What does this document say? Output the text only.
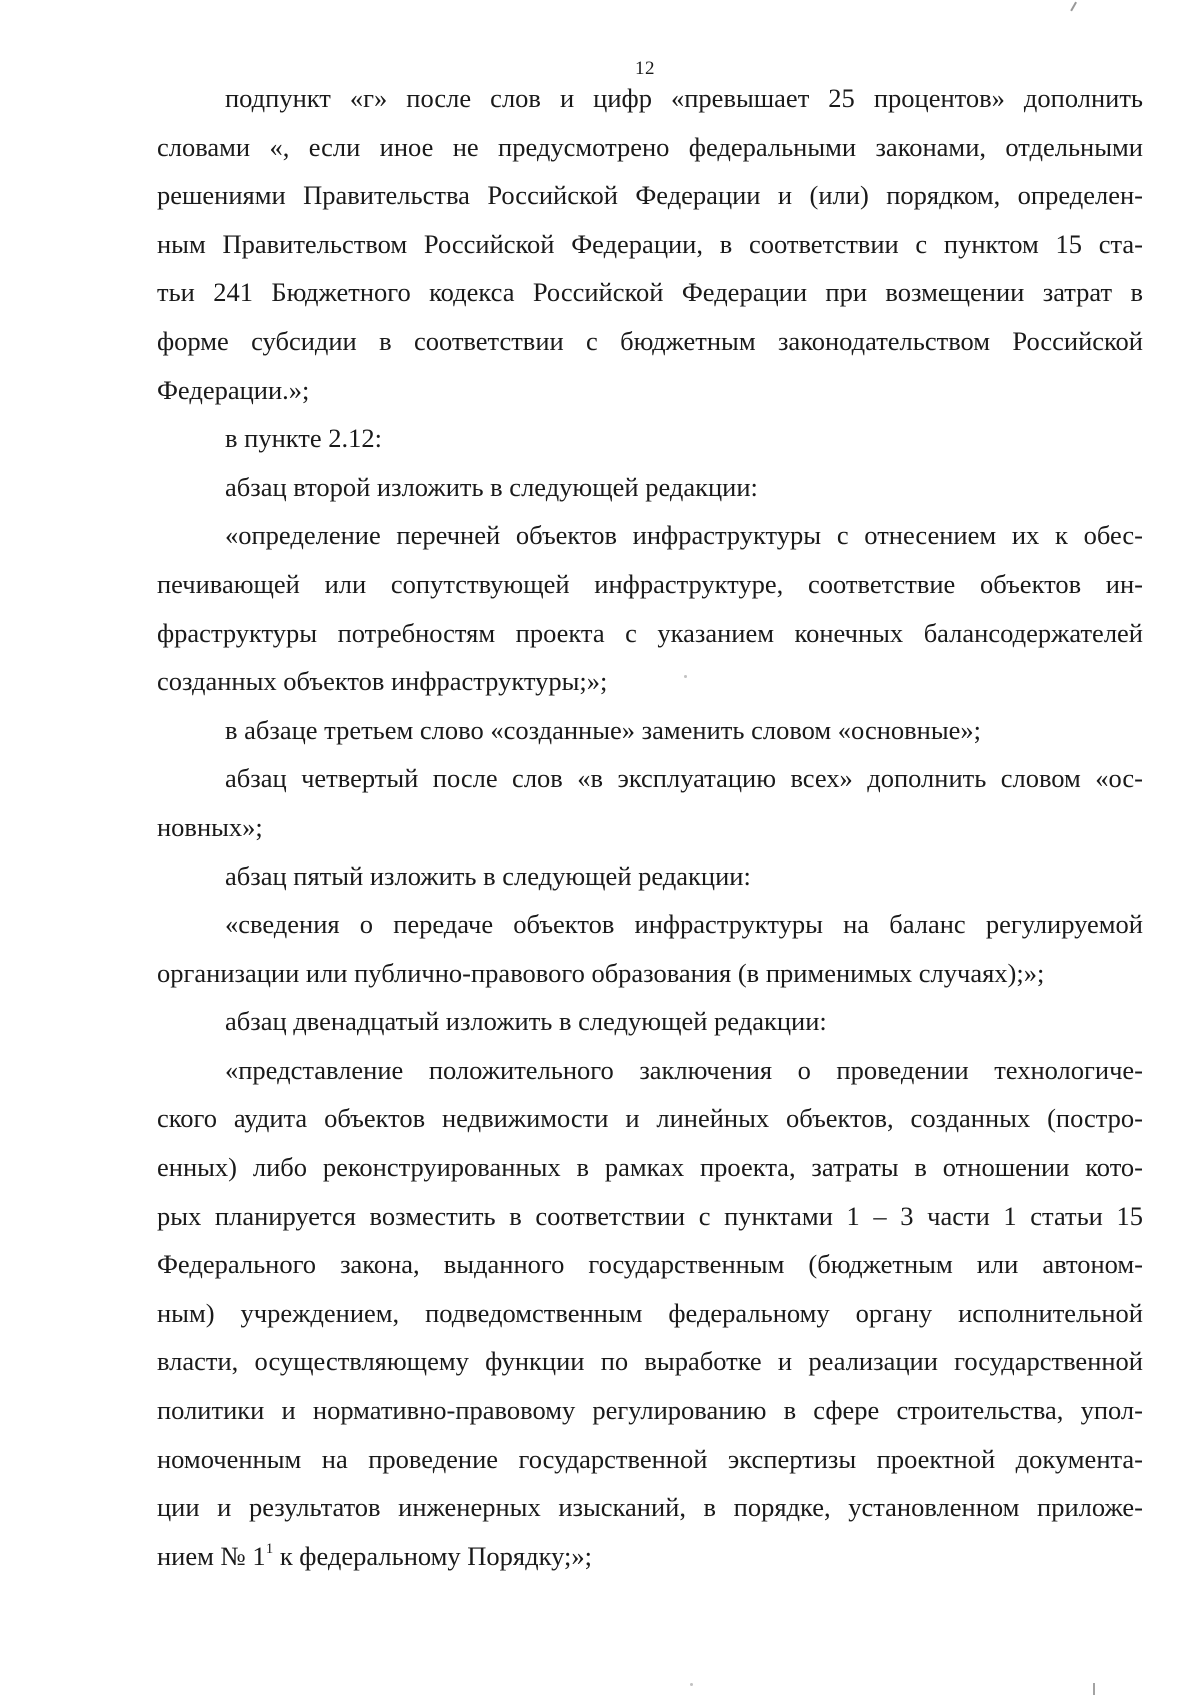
12
подпункт «г» после слов и цифр «превышает 25 процентов» дополнить
словами «, если иное не предусмотрено федеральными законами, отдельными
решениями Правительства Российской Федерации и (или) порядком, определен-
ным Правительством Российской Федерации, в соответствии с пунктом 15 ста-
тьи 241 Бюджетного кодекса Российской Федерации при возмещении затрат в
форме субсидии в соответствии с бюджетным законодательством Российской
Федерации.»;
в пункте 2.12:
абзац второй изложить в следующей редакции:
«определение перечней объектов инфраструктуры с отнесением их к обес-
печивающей или сопутствующей инфраструктуре, соответствие объектов ин-
фраструктуры потребностям проекта с указанием конечных балансодержателей
созданных объектов инфраструктуры;»;
в абзаце третьем слово «созданные» заменить словом «основные»;
абзац четвертый после слов «в эксплуатацию всех» дополнить словом «ос-
новных»;
абзац пятый изложить в следующей редакции:
«сведения о передаче объектов инфраструктуры на баланс регулируемой
организации или публично-правового образования (в применимых случаях);»;
абзац двенадцатый изложить в следующей редакции:
«представление положительного заключения о проведении технологиче-
ского аудита объектов недвижимости и линейных объектов, созданных (постро-
енных) либо реконструированных в рамках проекта, затраты в отношении кото-
рых планируется возместить в соответствии с пунктами 1 – 3 части 1 статьи 15
Федерального закона, выданного государственным (бюджетным или автоном-
ным) учреждением, подведомственным федеральному органу исполнительной
власти, осуществляющему функции по выработке и реализации государственной
политики и нормативно-правовому регулированию в сфере строительства, упол-
номоченным на проведение государственной экспертизы проектной документа-
ции и результатов инженерных изысканий, в порядке, установленном приложе-
нием № $1^1$ к федеральному Порядку;»;
